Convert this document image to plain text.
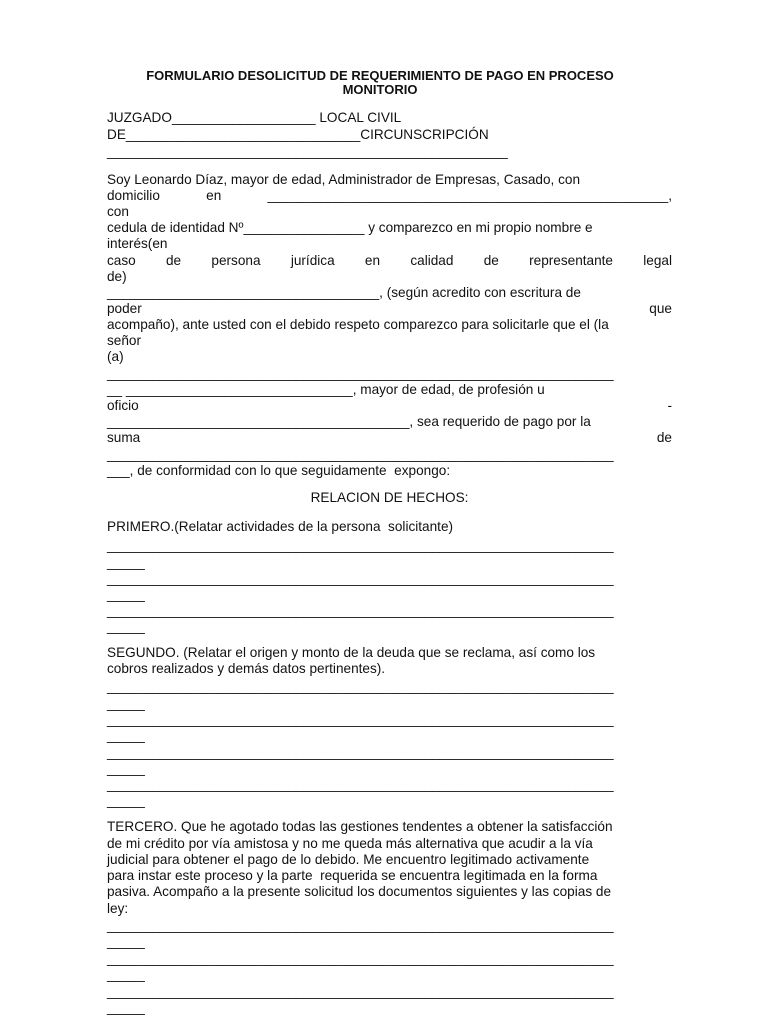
FORMULARIO DESOLICITUD DE REQUERIMIENTO DE PAGO EN PROCESO
MONITORIO
JUZGADO___________________ LOCAL CIVIL
DE_______________________________CIRCUNSCRIPCIÓN
_____________________________________________________
Soy Leonardo Díaz, mayor de edad, Administrador de Empresas, Casado, con
domicilio en	_____________________________________________________,
con
cedula de identidad Nº________________ y comparezco en mi propio nombre e
interés(en
caso de persona jurídica en calidad de representante legal
de)
____________________________________, (según acredito con escritura de
poder que
acompaño), ante usted con el debido respeto comparezco para solicitarle que el (la
señor
(a)
___________________________________________________________________
__ ______________________________, mayor de edad, de profesión u
oficio -
________________________________________, sea requerido de pago por la
suma de
___________________________________________________________________
___, de conformidad con lo que seguidamente  expongo:
RELACION DE HECHOS:
PRIMERO.(Relatar actividades de la persona  solicitante)
___________________________________________________________________
_____
___________________________________________________________________
_____
___________________________________________________________________
_____
SEGUNDO. (Relatar el origen y monto de la deuda que se reclama, así como los
cobros realizados y demás datos pertinentes).
___________________________________________________________________
_____
___________________________________________________________________
_____
___________________________________________________________________
_____
___________________________________________________________________
_____
TERCERO. Que he agotado todas las gestiones tendentes a obtener la satisfacción
de mi crédito por vía amistosa y no me queda más alternativa que acudir a la vía
judicial para obtener el pago de lo debido. Me encuentro legitimado activamente
para instar este proceso y la parte  requerida se encuentra legitimada en la forma
pasiva. Acompaño a la presente solicitud los documentos siguientes y las copias de
ley:
___________________________________________________________________
_____
___________________________________________________________________
_____
___________________________________________________________________
_____
